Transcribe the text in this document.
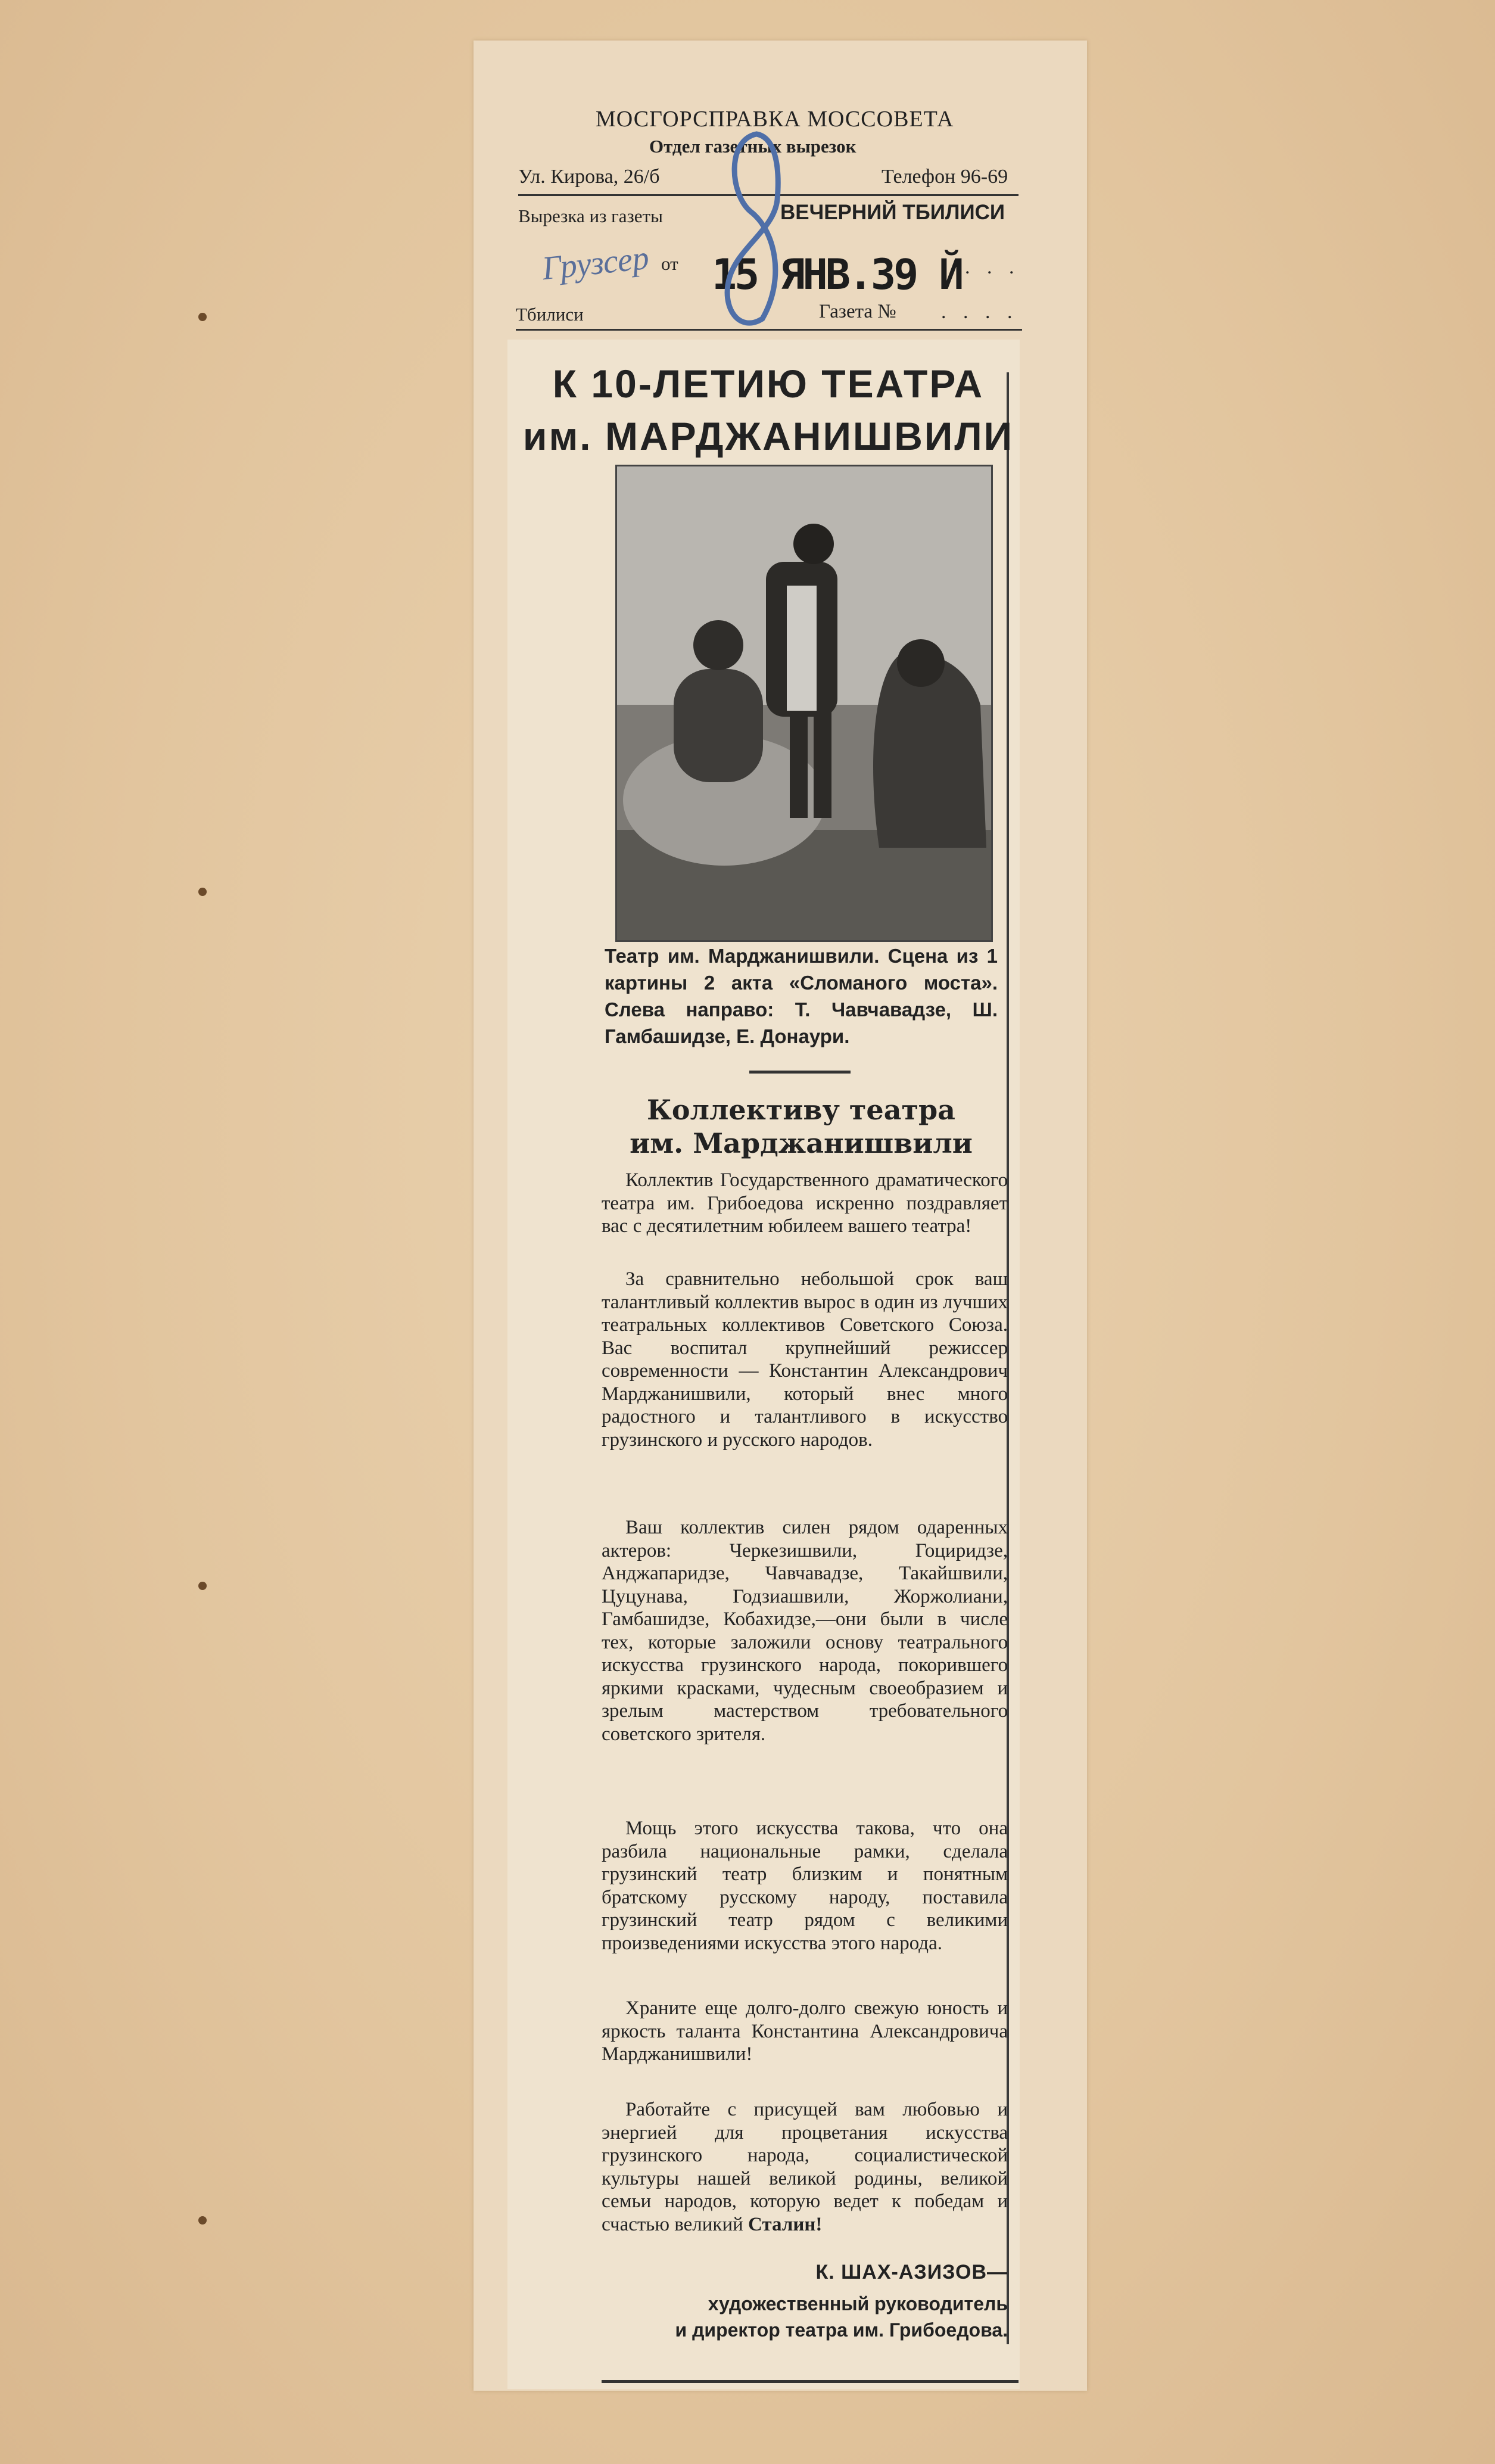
МОСГОРСПРАВКА МОССОВЕТА
Отдел газетных вырезок
Ул. Кирова, 26/б	Телефон 96-69
Вырезка из газеты	ВЕЧЕРНИЙ ТБИЛИСИ
Грузсер от 15 ЯНВ.39 Й . . .
Тбилиси	Газета № . . . .
К 10-ЛЕТИЮ ТЕАТРА
им. МАРДЖАНИШВИЛИ
Театр им. Марджанишвили. Сцена из 1 картины 2 акта «Сломаного моста». Слева направо: Т. Чавчавадзе, Ш. Гамбашидзе, Е. Донаури.
Коллективу театра
им. Марджанишвили

Коллектив Государственного драматического театра им. Грибоедова искренно поздравляет вас с десятилетним юбилеем вашего театра!

За сравнительно небольшой срок ваш талантливый коллектив вырос в один из лучших театральных коллективов Советского Союза. Вас воспитал крупнейший режиссер современности — Константин Александрович Марджанишвили, который внес много радостного и талантливого в искусство грузинского и русского народов.

Ваш коллектив силен рядом одаренных актеров: Черкезишвили, Гоциридзе, Анджапаридзе, Чавчавадзе, Такайшвили, Цуцунава, Годзиашвили, Жоржолиани, Гамбашидзе, Кобахидзе,—они были в числе тех, которые заложили основу театрального искусства грузинского народа, покорившего яркими красками, чудесным своеобразием и зрелым мастерством требовательного советского зрителя.

Мощь этого искусства такова, что она разбила национальные рамки, сделала грузинский театр близким и понятным братскому русскому народу, поставила грузинский театр рядом с великими произведениями искусства этого народа.

Храните еще долго-долго свежую юность и яркость таланта Константина Александровича Марджанишвили!

Работайте с присущей вам любовью и энергией для процветания искусства грузинского народа, социалистической культуры нашей великой родины, великой семьи народов, которую ведет к победам и счастью великий Сталин!

К. ШАХ-АЗИЗОВ—
художественный руководитель
и директор театра им. Грибоедова.
